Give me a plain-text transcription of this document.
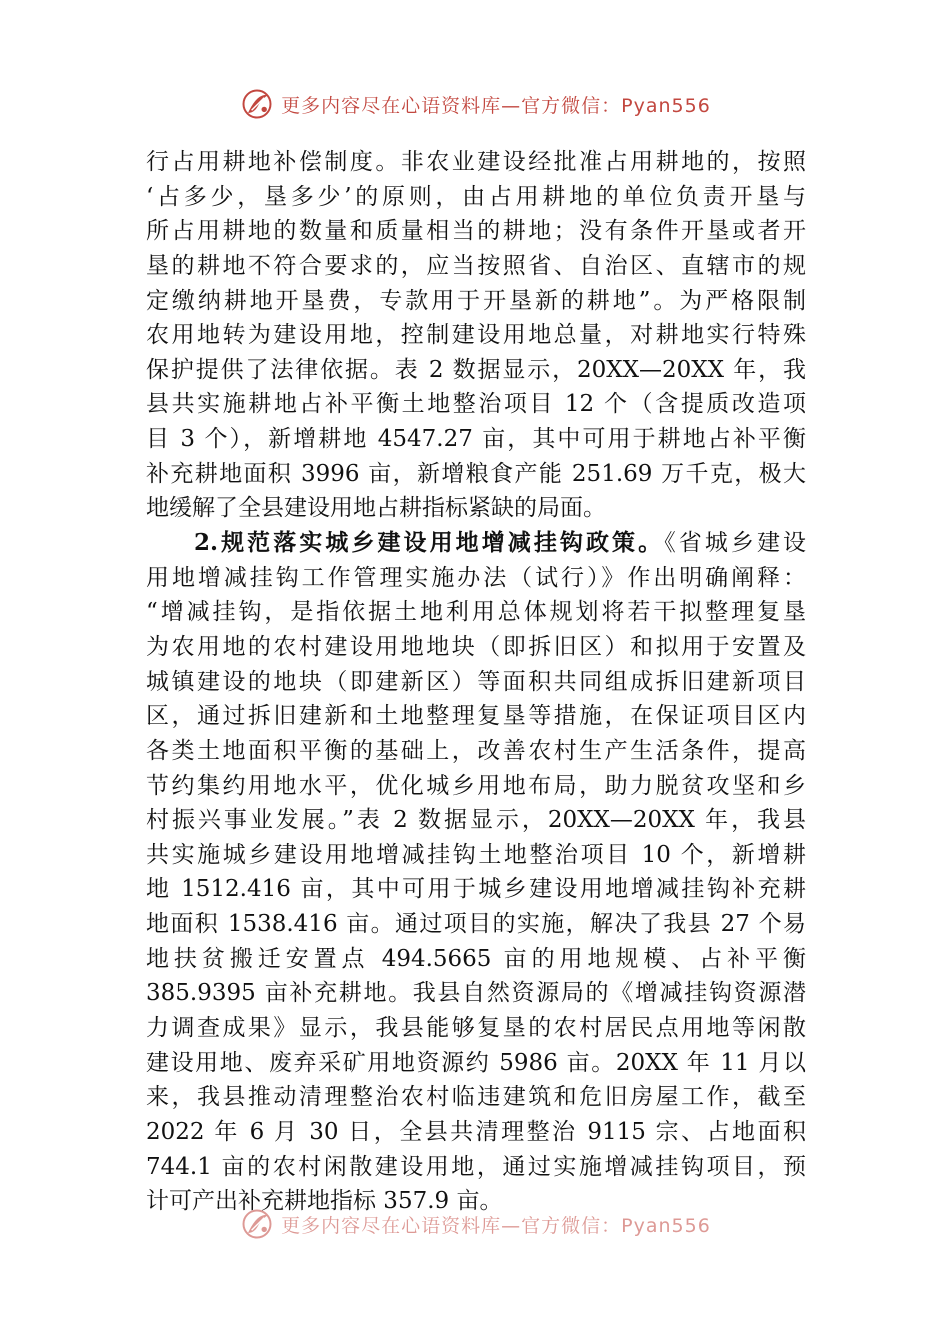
更多内容尽在心语资料库—官方微信：Pyan556
行占用耕地补偿制度。非农业建设经批准占用耕地的，按照
‘占多少，垦多少’的原则，由占用耕地的单位负责开垦与
所占用耕地的数量和质量相当的耕地；没有条件开垦或者开
垦的耕地不符合要求的，应当按照省、自治区、直辖市的规
定缴纳耕地开垦费，专款用于开垦新的耕地”。为严格限制
农用地转为建设用地，控制建设用地总量，对耕地实行特殊
保护提供了法律依据。表 2 数据显示，20XX—20XX 年，我
县共实施耕地占补平衡土地整治项目 12 个（含提质改造项
目 3 个），新增耕地 4547.27 亩，其中可用于耕地占补平衡
补充耕地面积 3996 亩，新增粮食产能 251.69 万千克，极大
地缓解了全县建设用地占耕指标紧缺的局面。
2.规范落实城乡建设用地增减挂钩政策。《省城乡建设
用地增减挂钩工作管理实施办法（试行）》作出明确阐释：
“增减挂钩，是指依据土地利用总体规划将若干拟整理复垦
为农用地的农村建设用地地块（即拆旧区）和拟用于安置及
城镇建设的地块（即建新区）等面积共同组成拆旧建新项目
区，通过拆旧建新和土地整理复垦等措施，在保证项目区内
各类土地面积平衡的基础上，改善农村生产生活条件，提高
节约集约用地水平，优化城乡用地布局，助力脱贫攻坚和乡
村振兴事业发展。”表 2 数据显示，20XX—20XX 年，我县
共实施城乡建设用地增减挂钩土地整治项目 10 个，新增耕
地 1512.416 亩，其中可用于城乡建设用地增减挂钩补充耕
地面积 1538.416 亩。通过项目的实施，解决了我县 27 个易
地扶贫搬迁安置点 494.5665 亩的用地规模、占补平衡
385.9395 亩补充耕地。我县自然资源局的《增减挂钩资源潜
力调查成果》显示，我县能够复垦的农村居民点用地等闲散
建设用地、废弃采矿用地资源约 5986 亩。20XX 年 11 月以
来，我县推动清理整治农村临违建筑和危旧房屋工作，截至
2022 年 6 月 30 日，全县共清理整治 9115 宗、占地面积
744.1 亩的农村闲散建设用地，通过实施增减挂钩项目，预
计可产出补充耕地指标 357.9 亩。
更多内容尽在心语资料库—官方微信：Pyan556
